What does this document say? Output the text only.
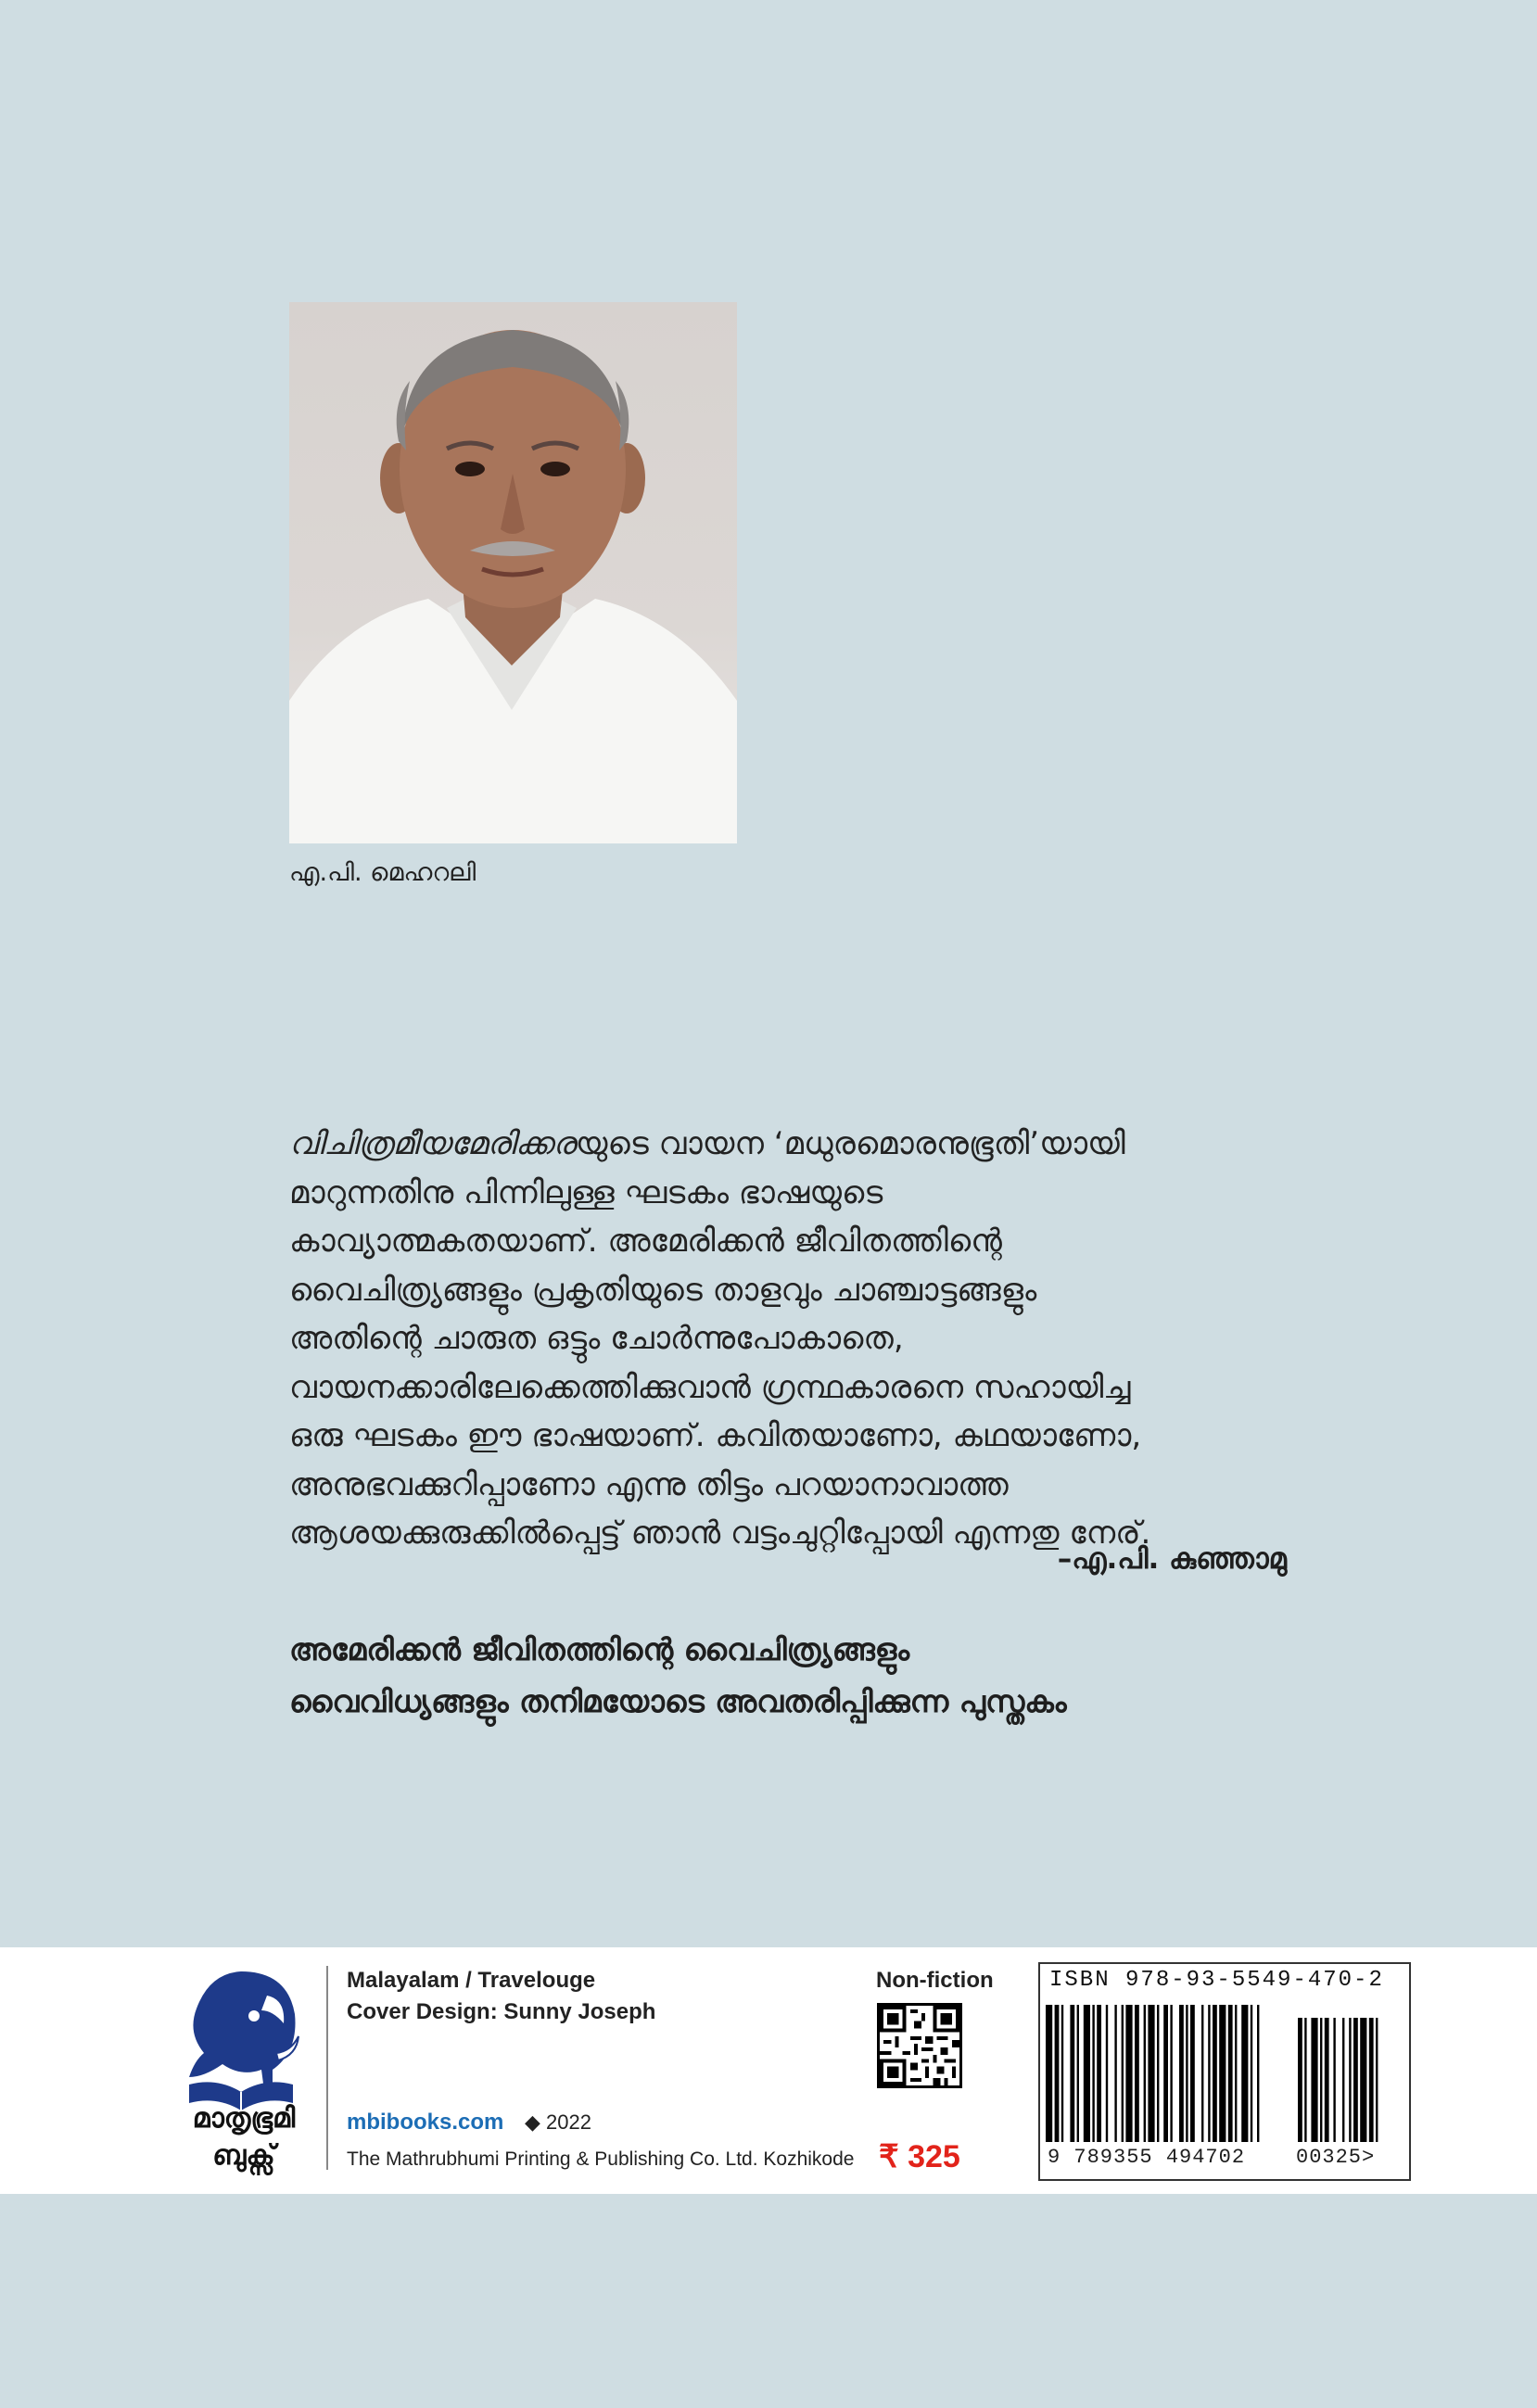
എ.പി. മെഹറലി

വിചിത്രമീയമേരിക്കരയുടെ വായന ‘മധുരമൊരനുഭൂതി’യായി

മാറുന്നതിനു പിന്നിലുള്ള ഘടകം ഭാഷയുടെ

കാവ്യാത്മകതയാണ്. അമേരിക്കൻ ജീവിതത്തിന്റെ

വൈചിത്ര്യങ്ങളും പ്രകൃതിയുടെ താളവും ചാഞ്ചാട്ടങ്ങളും

അതിന്റെ ചാരുത ഒട്ടും ചോർന്നുപോകാതെ,

വായനക്കാരിലേക്കെത്തിക്കുവാൻ ഗ്രന്ഥകാരനെ സഹായിച്ച

ഒരു ഘടകം ഈ ഭാഷയാണ്. കവിതയാണോ, കഥയാണോ,

അനുഭവക്കുറിപ്പാണോ എന്നു തിട്ടം പറയാനാവാത്ത

ആശയക്കുരുക്കിൽപ്പെട്ട് ഞാൻ വട്ടംചുറ്റിപ്പോയി എന്നതു നേര്.

–എ.പി. കുഞ്ഞാമു

അമേരിക്കൻ ജീവിതത്തിന്റെ വൈചിത്ര്യങ്ങളും

വൈവിധ്യങ്ങളും തനിമയോടെ അവതരിപ്പിക്കുന്ന പുസ്തകം

മാതൃഭൂമി
ബുക്സ്
Malayalam / Travelouge
Cover Design: Sunny Joseph
mbibooks.com ◆ 2022
The Mathrubhumi Printing & Publishing Co. Ltd. Kozhikode
Non-fiction
₹ 325
ISBN 978-93-5549-470-2
9 789355 494702 00325>
